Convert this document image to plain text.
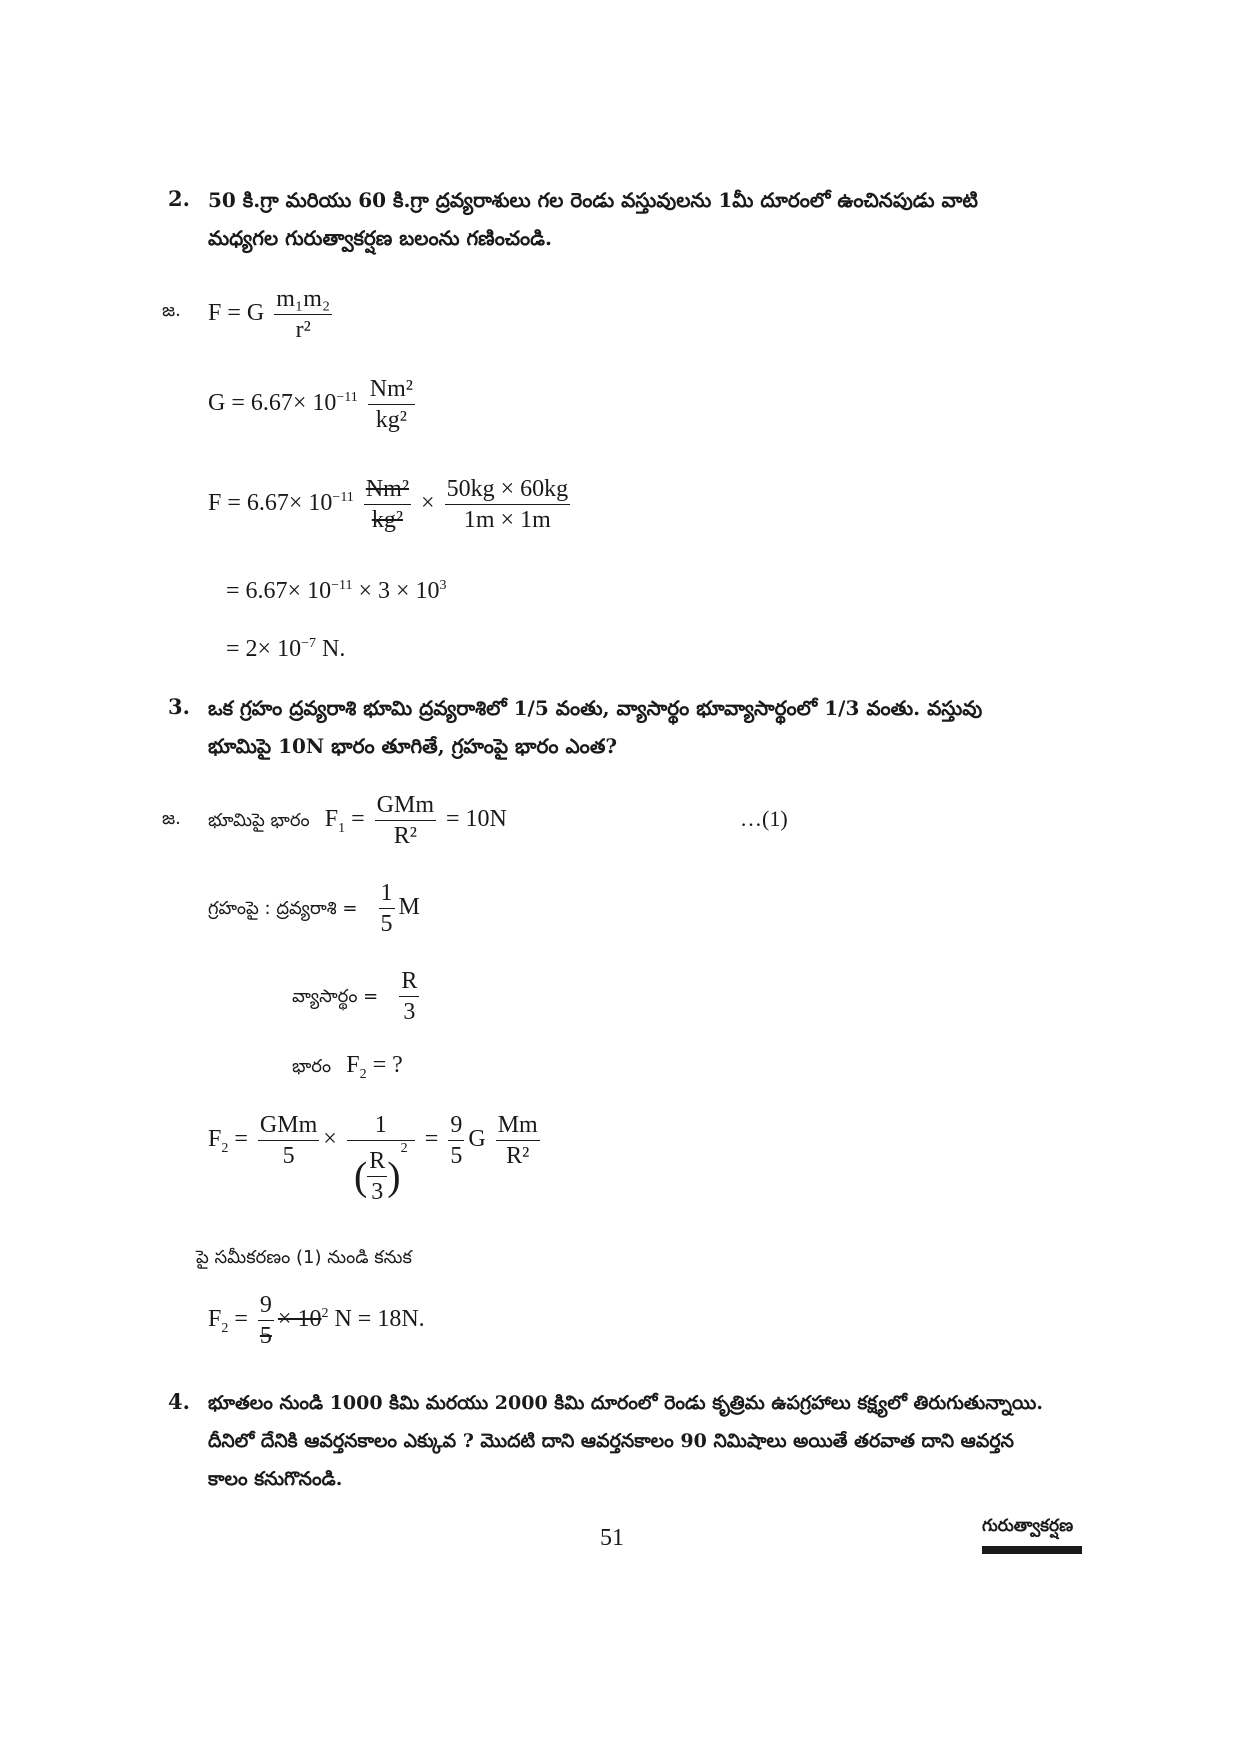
2. 50 కి.గ్రా మరియు 60 కి.గ్రా ద్రవ్యరాశులు గల రెండు వస్తువులను 1మీ దూరంలో ఉంచినపుడు వాటి
మధ్యగల గురుత్వాకర్షణ బలంను గణించండి.
జ. F = G $\frac{\text{m₁m₂}}{\text{r²}}$
$G = 6.67\times 10^{-11} \frac{\text{Nm²}}{\text{kg²}}$
$F = 6.67\times 10^{-11} \frac{\text{Nm²}}{\text{kg²}} \times \frac{50kg \times 60kg}{1m \times 1m}$
= $6.67\times 10^{-11} \times 3 \times 10^3$
= $2\times 10^{-7}$ N.
3. ఒక గ్రహం ద్రవ్యరాశి భూమి ద్రవ్యరాశిలో 1/5 వంతు, వ్యాసార్థం భూవ్యాసార్థంలో 1/3 వంతు. వస్తువు
భూమిపై 10N భారం తూగితే, గ్రహంపై భారం ఎంత?
జ. భూమిపై భారం $F_1 = \frac{\text{GMm}}{\text{R²}} = 10N$	…(1)
గ్రహంపై : ద్రవ్యరాశి = $\frac{1}{5}$ M
వ్యాసార్థం = $\frac{R}{3}$
భారం $F_2$ = ?
$F_2 = \frac{\text{GMm}}{5} \times \frac{1}{( \frac{R}{3} )^2} = \frac{9}{5}$ G $\frac{Mm}{\text{R²}}$
పై సమీకరణం (1) నుండి కనుక
$F_2 = \frac{9}{5} \times 10^2$ N = 18N.
4. భూతలం నుండి 1000 కిమి మరయు 2000 కిమి దూరంలో రెండు కృత్రిమ ఉపగ్రహాలు కక్ష్యలో తిరుగుతున్నాయి.
దీనిలో దేనికి ఆవర్తనకాలం ఎక్కువ ? మొదటి దాని ఆవర్తనకాలం 90 నిమిషాలు అయితే తరవాత దాని ఆవర్తన
కాలం కనుగొనండి.
51	గురుత్వాకర్షణ
